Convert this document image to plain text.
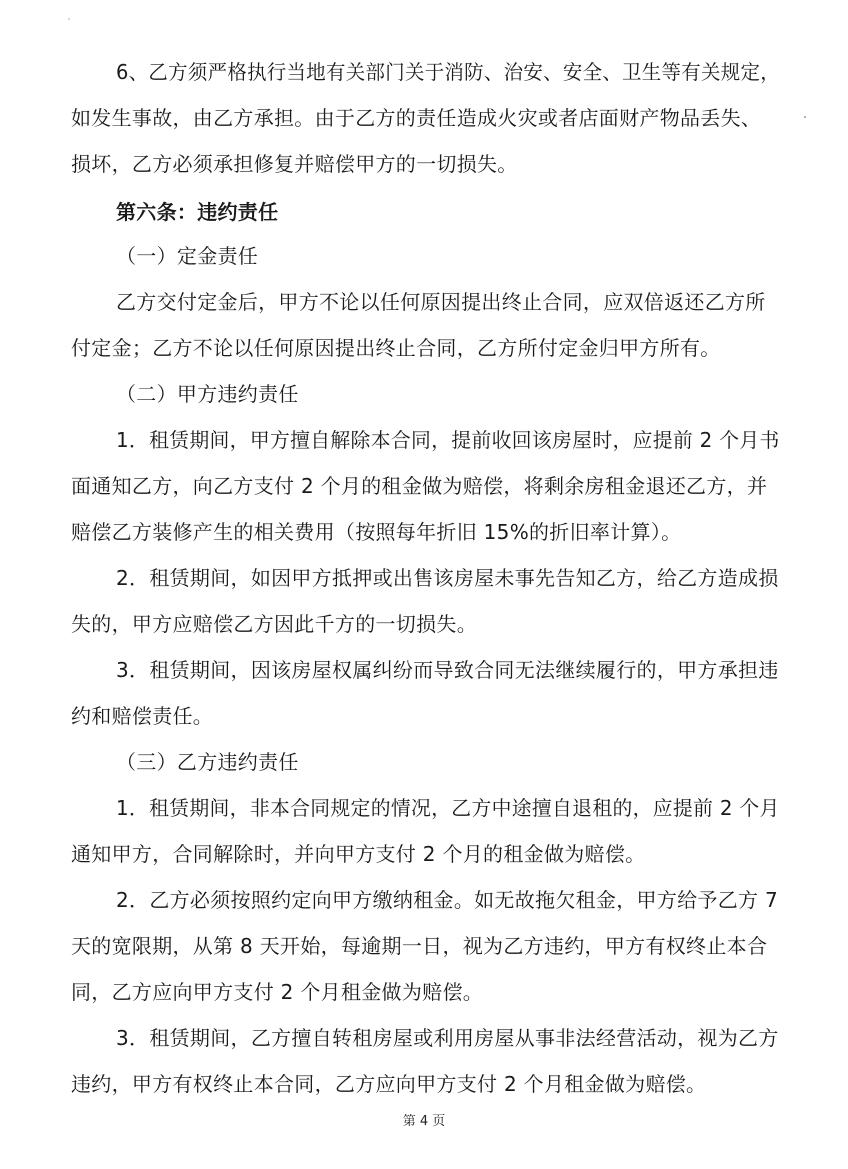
6、乙方须严格执行当地有关部门关于消防、治安、安全、卫生等有关规定，
如发生事故，由乙方承担。由于乙方的责任造成火灾或者店面财产物品丢失、
损坏，乙方必须承担修复并赔偿甲方的一切损失。
第六条：违约责任
（一）定金责任
乙方交付定金后，甲方不论以任何原因提出终止合同，应双倍返还乙方所
付定金；乙方不论以任何原因提出终止合同，乙方所付定金归甲方所有。
（二）甲方违约责任
1．租赁期间，甲方擅自解除本合同，提前收回该房屋时，应提前 2 个月书
面通知乙方，向乙方支付 2 个月的租金做为赔偿，将剩余房租金退还乙方，并
赔偿乙方装修产生的相关费用（按照每年折旧 15%的折旧率计算）。
2．租赁期间，如因甲方抵押或出售该房屋未事先告知乙方，给乙方造成损
失的，甲方应赔偿乙方因此千方的一切损失。
3．租赁期间，因该房屋权属纠纷而导致合同无法继续履行的，甲方承担违
约和赔偿责任。
（三）乙方违约责任
1．租赁期间，非本合同规定的情况，乙方中途擅自退租的，应提前 2 个月
通知甲方，合同解除时，并向甲方支付 2 个月的租金做为赔偿。
2．乙方必须按照约定向甲方缴纳租金。如无故拖欠租金，甲方给予乙方 7
天的宽限期，从第 8 天开始，每逾期一日，视为乙方违约，甲方有权终止本合
同，乙方应向甲方支付 2 个月租金做为赔偿。
3．租赁期间，乙方擅自转租房屋或利用房屋从事非法经营活动，视为乙方
违约，甲方有权终止本合同，乙方应向甲方支付 2 个月租金做为赔偿。
第 4 页
